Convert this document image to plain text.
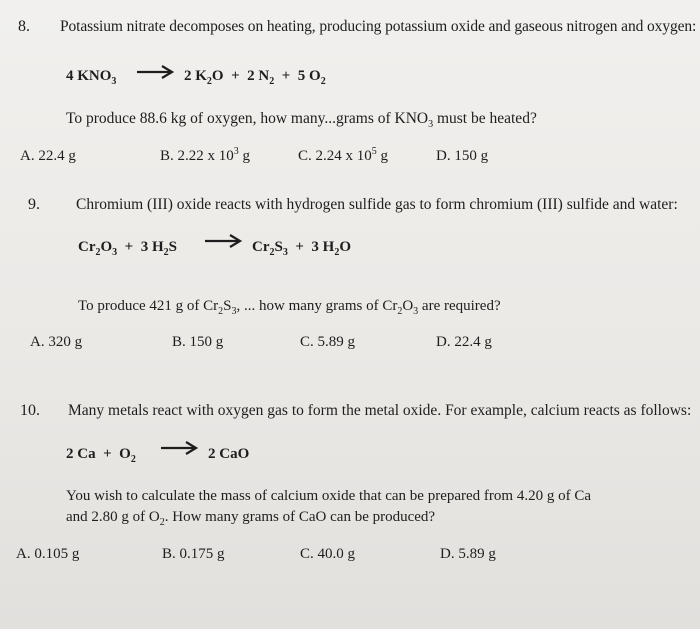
8. Potassium nitrate decomposes on heating, producing potassium oxide and gaseous nitrogen and oxygen:
4 $KNO_3$	2 $K_2O + 2$ $N_2 + 5$ $O_2$
To produce 88.6 kg of oxygen, how many...grams of $KNO_3$ must be heated?
A. 22.4 g	B. 2.22 x $10^3$ g	C. 2.24 x $10^5$ g	D. 150 g
9. Chromium (III) oxide reacts with hydrogen sulfide gas to form chromium (III) sulfide and water:
$Cr_2O_3 + 3$ $H_2S$	$Cr_2S_3 + 3$ $H_2O$
To produce 421 g of $Cr_2S_3$, ... how many grams of $Cr_2O_3$ are required?
A. 320 g	B. 150 g	C. 5.89 g	D. 22.4 g
10. Many metals react with oxygen gas to form the metal oxide. For example, calcium reacts as follows:
2 $Ca + O_2$	2 CaO
You wish to calculate the mass of calcium oxide that can be prepared from 4.20 g of Ca
and 2.80 g of $O_2$. How many grams of CaO can be produced?
A. 0.105 g	B. 0.175 g	C. 40.0 g	D. 5.89 g
